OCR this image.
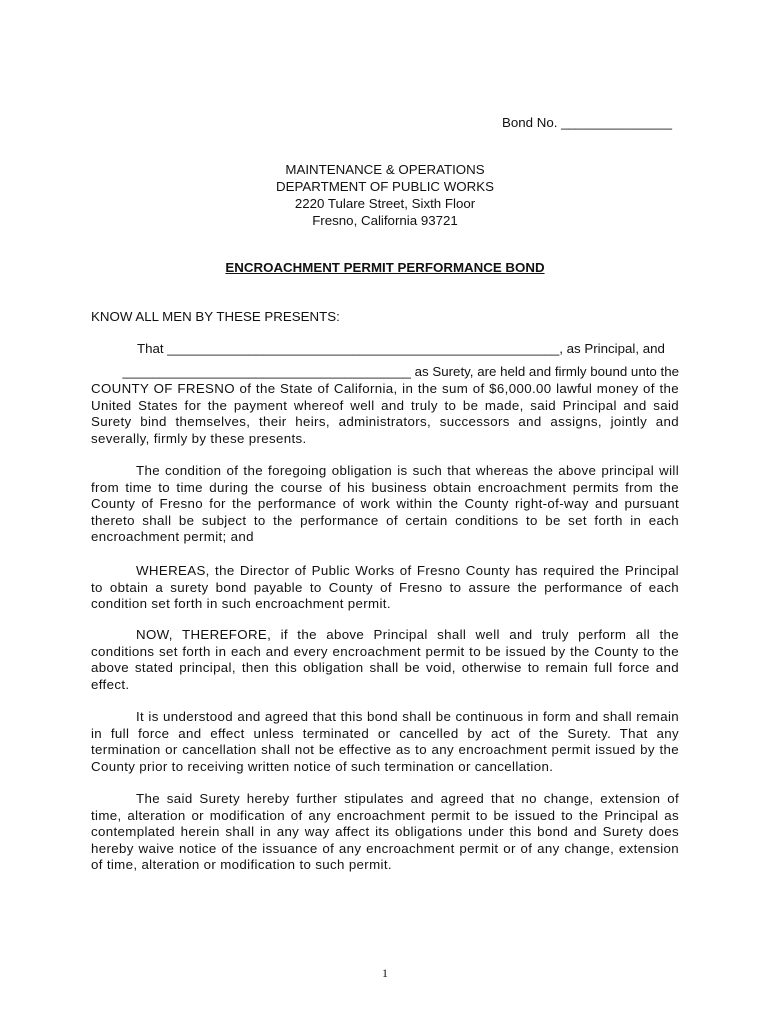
Bond No. _______________
MAINTENANCE & OPERATIONS
DEPARTMENT OF PUBLIC WORKS
2220 Tulare Street, Sixth Floor
Fresno, California 93721
ENCROACHMENT PERMIT PERFORMANCE BOND
KNOW ALL MEN BY THESE PRESENTS:
That _____________________________________________________, as Principal, and
_______________________________________ as Surety, are held and firmly bound unto the
COUNTY OF FRESNO of the State of California, in the sum of $6,000.00 lawful money of the United States for the payment whereof well and truly to be made, said Principal and said Surety bind themselves, their heirs, administrators, successors and assigns, jointly and severally, firmly by these presents.
The condition of the foregoing obligation is such that whereas the above principal will from time to time during the course of his business obtain encroachment permits from the County of Fresno for the performance of work within the County right-of-way and pursuant thereto shall be subject to the performance of certain conditions to be set forth in each encroachment permit; and
WHEREAS, the Director of Public Works of Fresno County has required the Principal to obtain a surety bond payable to County of Fresno to assure the performance of each condition set forth in such encroachment permit.
NOW, THEREFORE, if the above Principal shall well and truly perform all the conditions set forth in each and every encroachment permit to be issued by the County to the above stated principal, then this obligation shall be void, otherwise to remain full force and effect.
It is understood and agreed that this bond shall be continuous in form and shall remain in full force and effect unless terminated or cancelled by act of the Surety. That any termination or cancellation shall not be effective as to any encroachment permit issued by the County prior to receiving written notice of such termination or cancellation.
The said Surety hereby further stipulates and agreed that no change, extension of time, alteration or modification of any encroachment permit to be issued to the Principal as contemplated herein shall in any way affect its obligations under this bond and Surety does hereby waive notice of the issuance of any encroachment permit or of any change, extension of time, alteration or modification to such permit.
1
